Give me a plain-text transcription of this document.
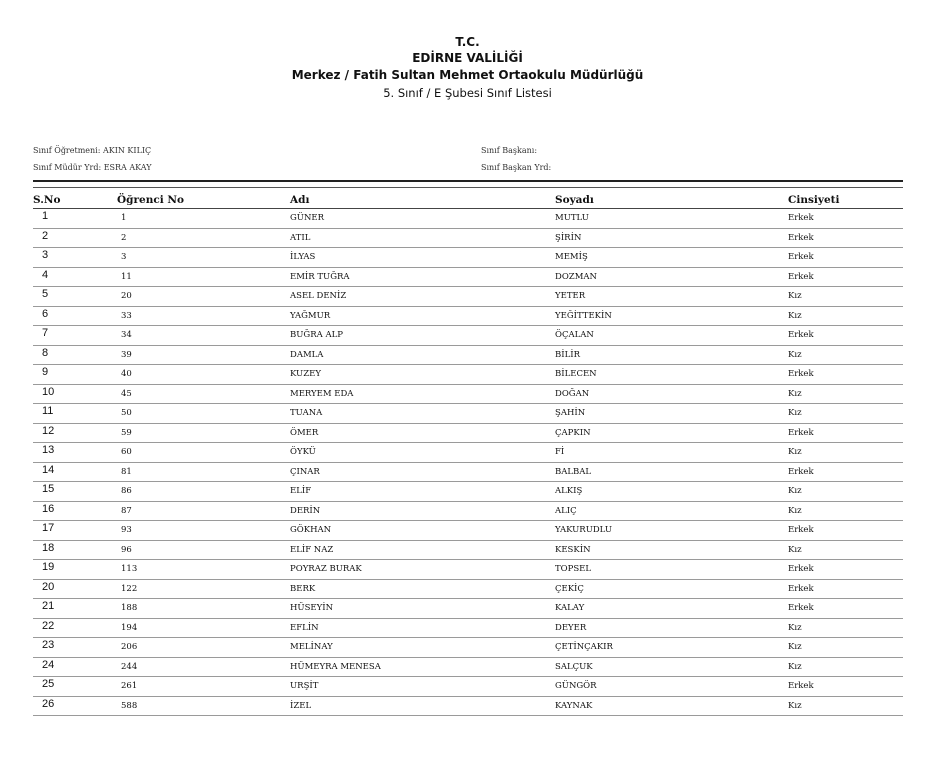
T.C.
EDİRNE VALİLİĞİ
Merkez / Fatih Sultan Mehmet Ortaokulu Müdürlüğü
5. Sınıf / E Şubesi Sınıf Listesi
Sınıf Öğretmeni: AKIN KILIÇ
Sınıf Müdür Yrd: ESRA AKAY
Sınıf Başkanı:
Sınıf Başkan Yrd:
S.No	Öğrenci No	Adı	Soyadı	Cinsiyeti
1	1	GÜNER	MUTLU	Erkek
2	2	ATIL	ŞİRİN	Erkek
3	3	İLYAS	MEMİŞ	Erkek
4	11	EMİR TUĞRA	DOZMAN	Erkek
5	20	ASEL DENİZ	YETER	Kız
6	33	YAĞMUR	YEĞİTTEKİN	Kız
7	34	BUĞRA ALP	ÖÇALAN	Erkek
8	39	DAMLA	BİLİR	Kız
9	40	KUZEY	BİLECEN	Erkek
10	45	MERYEM EDA	DOĞAN	Kız
11	50	TUANA	ŞAHİN	Kız
12	59	ÖMER	ÇAPKIN	Erkek
13	60	ÖYKÜ	Fİ	Kız
14	81	ÇINAR	BALBAL	Erkek
15	86	ELİF	ALKIŞ	Kız
16	87	DERİN	ALIÇ	Kız
17	93	GÖKHAN	YAKURUDLU	Erkek
18	96	ELİF NAZ	KESKİN	Kız
19	113	POYRAZ BURAK	TOPSEL	Erkek
20	122	BERK	ÇEKİÇ	Erkek
21	188	HÜSEYİN	KALAY	Erkek
22	194	EFLİN	DEYER	Kız
23	206	MELİNAY	ÇETİNÇAKIR	Kız
24	244	HÜMEYRA MENESA	SALÇUK	Kız
25	261	URŞİT	GÜNGÖR	Erkek
26	588	İZEL	KAYNAK	Kız
